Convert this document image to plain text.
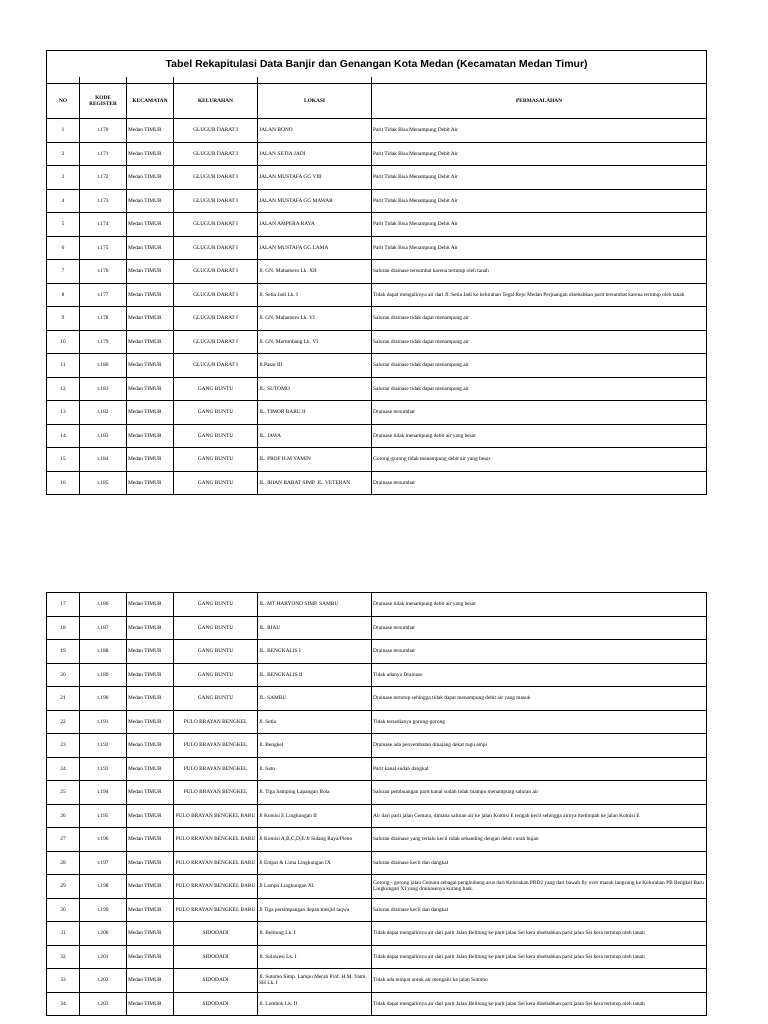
Tabel Rekapitulasi Data Banjir dan Genangan Kota Medan (Kecamatan Medan Timur)					

NO	KODE REGISTER	KECAMATAN	KELURAHAN	LOKASI	PERMASALAHAN
1	t.170	Medan TIMUR	GLUGUR DARAT I	JALAN BONO	Parit Tidak Bisa Menampung Debit Air
2	t.171	Medan TIMUR	GLUGUR DARAT I	JALAN SETIA JADI	Parit Tidak Bisa Menampung Debit Air
3	t.172	Medan TIMUR	GLUGUR DARAT I	JALAN MUSTAFA GG VIII	Parit Tidak Bisa Menampung Debit Air
4	t.173	Medan TIMUR	GLUGUR DARAT I	JALAN MUSTAFA GG MAWAR	Parit Tidak Bisa Menampung Debit Air
5	t.174	Medan TIMUR	GLUGUR DARAT I	JALAN AMPERA RAYA	Parit Tidak Bisa Menampung Debit Air
6	t.175	Medan TIMUR	GLUGUR DARAT I	JALAN MUSTAFA GG LAMA	Parit Tidak Bisa Menampung Debit Air
7	t.176	Medan TIMUR	GLUGUR DARAT I	Jl. GN. Mahameru Lk. XII	Saluran drainase tersumbat karena tertutup oleh tanah
8	t.177	Medan TIMUR	GLUGUR DARAT I	Jl. Setia Jadi Lk. I	Tidak dapat mengalirnya air dari Jl. Setia Jadi ke kelurahan Tegal Rejo Medan Perjuangan disebabkan parit tersumbat karena tertutup oleh tanah
9	t.178	Medan TIMUR	GLUGUR DARAT I	Jl. GN. Mahameru Lk. VI	Saluran drainase tidak dapat menampung air
10	t.179	Medan TIMUR	GLUGUR DARAT I	Jl. GN. Martimbang Lk. VI	Saluran drainase tidak dapat menampung air
11	t.180	Medan TIMUR	GLUGUR DARAT I	Jl.Pasar III	Saluran drainase tidak dapat menampung air
12	t.181	Medan TIMUR	GANG BUNTU	JL. SUTOMO	Saluran drainase tidak dapat menampung air
13	t.182	Medan TIMUR	GANG BUNTU	JL. TIMOR BARU II	Drainase tersumbat
14	t.183	Medan TIMUR	GANG BUNTU	JL. JAWA	Drainase tidak menampung debit air yang besar
15	t.184	Medan TIMUR	GANG BUNTU	JL. PROF H.M YAMIN	Gorong-gorong tidak menampung debit air yang besar
16	t.185	Medan TIMUR	GANG BUNTU	JL. IRIAN BARAT SIMP. JL. VETERAN	Drainase tersumbat
17	t.186	Medan TIMUR	GANG BUNTU	JL. MT HARYONO SIMP. SAMBU	Drainase tidak menampung debit air yang besar
18	t.187	Medan TIMUR	GANG BUNTU	JL. RIAU	Drainase tersumbat
19	t.188	Medan TIMUR	GANG BUNTU	JL. BENGKALIS I	Drainase tersumbat
20	t.189	Medan TIMUR	GANG BUNTU	JL. BENGKALIS II	Tidak adanya Drainase
21	t.190	Medan TIMUR	GANG BUNTU	JL. SAMBU	Drainase tertutup sehingga tidak dapat menampung debit air yang masuk
22	t.191	Medan TIMUR	PULO BRAYAN BENGKEL	Jl. Setia	Tidak tersedianya gorong-gorong
23	t.192	Medan TIMUR	PULO BRAYAN BENGKEL	Jl. Bengkel	Drainase ada penyembatan dinajang dekat tugu ampi
24	t.193	Medan TIMUR	PULO BRAYAN BENGKEL	Jl. Satu	Parit kanal sudah dangkal
25	t.194	Medan TIMUR	PULO BRAYAN BENGKEL	Jl. Tiga Samping Lapangan Bola	Saluran pembuangan parit kanal sudah tidak mampu menampung saluran air
26	t.195	Medan TIMUR	PULO BRAYAN BENGKEL BARU	Jl Komisi E Lingkungan II	Air dari parit jalan Cemara, dimana saluran air ke jalan Komisi E tengah kecil sehingga airnya melimpah ke jalan Komisi E
27	t.196	Medan TIMUR	PULO BRAYAN BENGKEL BARU	Jl Komisi A,B,C,D,E/Jl Sidang Raya/Pleno	Saluran drainase yang terlalu kecil tidak sebanding dengan debit curah hujan
28	t.197	Medan TIMUR	PULO BRAYAN BENGKEL BARU	Jl Empat & Lima Lingkungan IX	Saluran drainase kecil dan dangkal
29	t.198	Medan TIMUR	PULO BRAYAN BENGKEL BARU	Jl Lampu Lingkungan XI	Gorong - gorong jalan Cemara sebagai penghubung arus dari Kelurahan PBD2 yang dari bawah fly over masuk langsung ke Kelurahan PB Bengkel Baru Lingkungan XI yang drainasenya kurang baik.
30	t.199	Medan TIMUR	PULO BRAYAN BENGKEL BARU	Jl Tiga persimpangan depan mesjid taqwa	Saluran drainase kecil dan dangkal
31	t.200	Medan TIMUR	SIDODADI	Jl. Belitung Lk. I	Tidak dapat mengalirnya air dari parit Jalan Belitung ke parit jalan Sei kera disebabkan parit jalan Sei kera tertutup oleh tanah
32	t.201	Medan TIMUR	SIDODADI	Jl. Sulawesi Lk. I	Tidak dapat mengalirnya air dari parit Jalan Belitung ke parit jalan Sei kera disebabkan parit jalan Sei kera tertutup oleh tanah
33	t.202	Medan TIMUR	SIDODADI	Jl. Sutomo Simp. Lampu Merah Prof. H.M. Yami, SH Lk. I	Tidak ada tempat untuk air mengalir ke jalan Sutomo
34	t.203	Medan TIMUR	SIDODADI	Jl. Lombok Lk. II	Tidak dapat mengalirnya air dari parit Jalan Belitung ke parit jalan Sei kera disebabkan parit jalan Sei kera tertutup oleh tanah
